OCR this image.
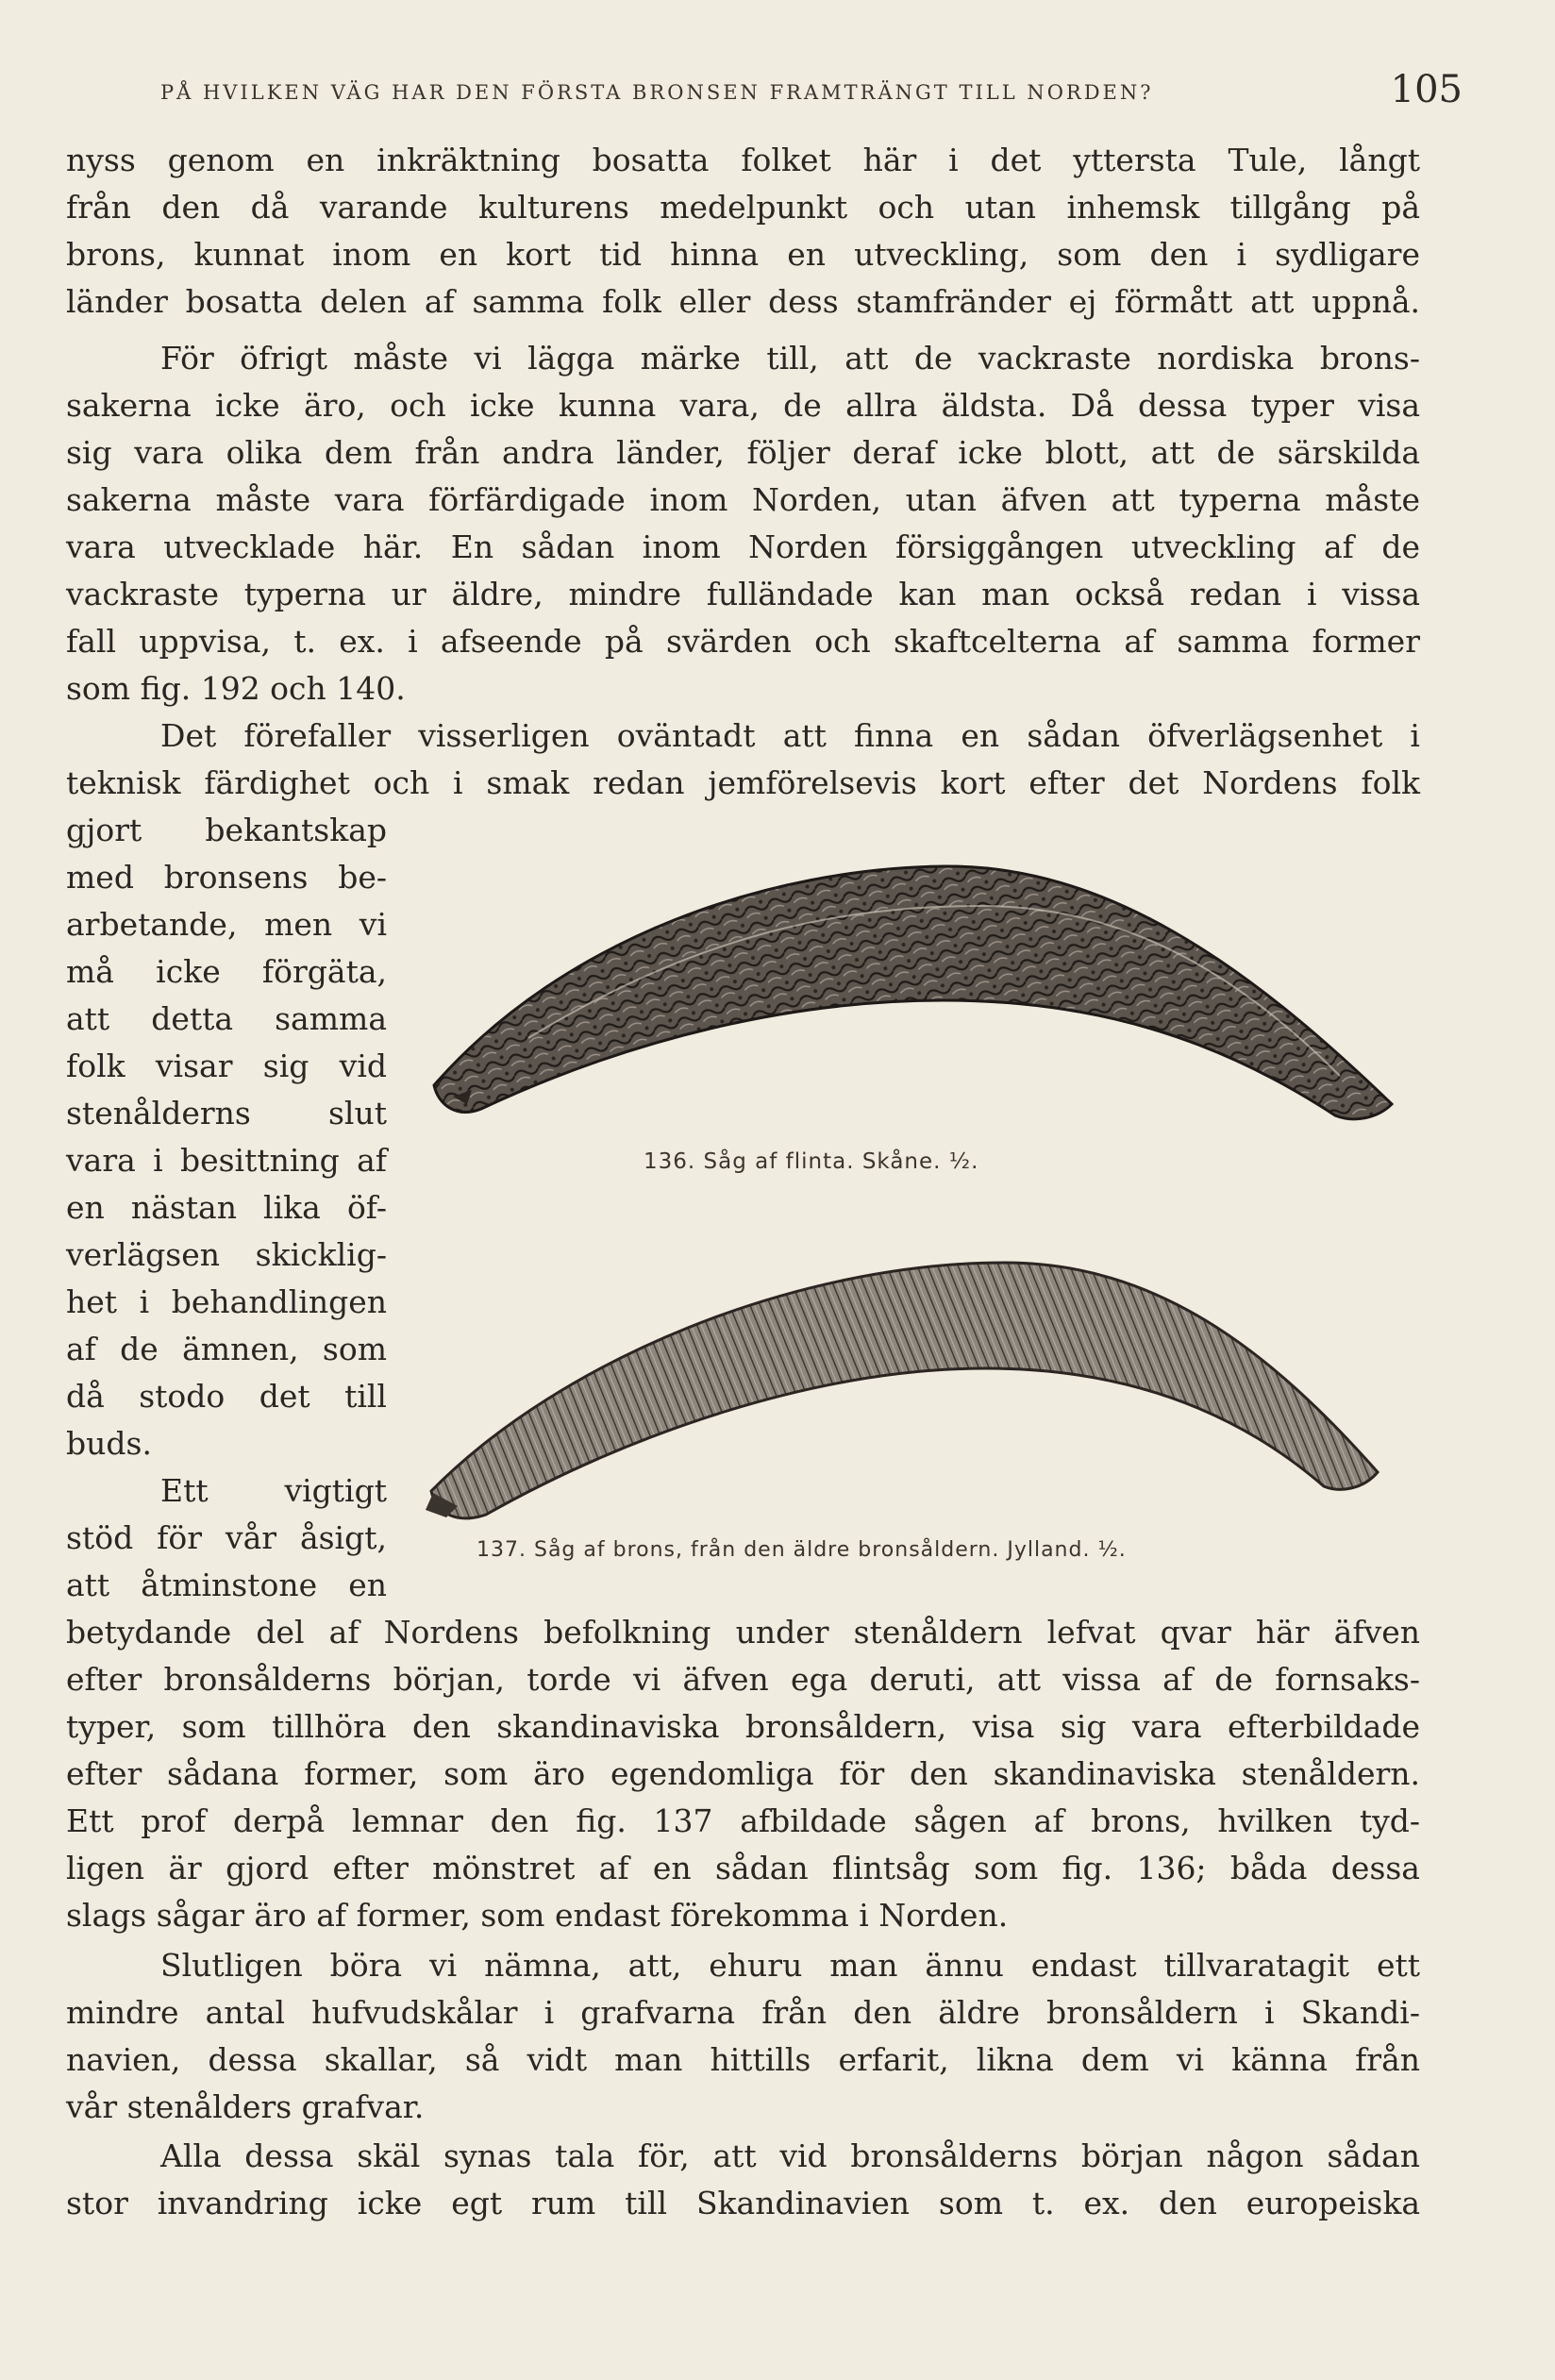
PÅ HVILKEN VÄG HAR DEN FÖRSTA BRONSEN FRAMTRÄNGT TILL NORDEN?	105
nyss genom en inkräktning bosatta folket här i det yttersta Tule, långt
från den då varande kulturens medelpunkt och utan inhemsk tillgång på
brons, kunnat inom en kort tid hinna en utveckling, som den i sydligare
länder bosatta delen af samma folk eller dess stamfränder ej förmått att uppnå.
För öfrigt måste vi lägga märke till, att de vackraste nordiska brons-
sakerna icke äro, och icke kunna vara, de allra äldsta. Då dessa typer visa
sig vara olika dem från andra länder, följer deraf icke blott, att de särskilda
sakerna måste vara förfärdigade inom Norden, utan äfven att typerna måste
vara utvecklade här. En sådan inom Norden försiggången utveckling af de
vackraste typerna ur äldre, mindre fulländade kan man också redan i vissa
fall uppvisa, t. ex. i afseende på svärden och skaftcelterna af samma former
som fig. 192 och 140.
Det förefaller visserligen oväntadt att finna en sådan öfverlägsenhet i
teknisk färdighet och i smak redan jemförelsevis kort efter det Nordens folk
gjort bekantskap
med bronsens be-
arbetande, men vi
må icke förgäta,
att detta samma
folk visar sig vid
stenålderns slut
vara i besittning af
en nästan lika öf-
verlägsen skicklig-
het i behandlingen
af de ämnen, som
då stodo det till
buds.
Ett vigtigt
stöd för vår åsigt,
att åtminstone en
betydande del af Nordens befolkning under stenåldern lefvat qvar här äfven
efter bronsålderns början, torde vi äfven ega deruti, att vissa af de fornsaks-
typer, som tillhöra den skandinaviska bronsåldern, visa sig vara efterbildade
efter sådana former, som äro egendomliga för den skandinaviska stenåldern.
Ett prof derpå lemnar den fig. 137 afbildade sågen af brons, hvilken tyd-
ligen är gjord efter mönstret af en sådan flintsåg som fig. 136; båda dessa
slags sågar äro af former, som endast förekomma i Norden.
Slutligen böra vi nämna, att, ehuru man ännu endast tillvaratagit ett
mindre antal hufvudskålar i grafvarna från den äldre bronsåldern i Skandi-
navien, dessa skallar, så vidt man hittills erfarit, likna dem vi känna från
vår stenålders grafvar.
Alla dessa skäl synas tala för, att vid bronsålderns början någon sådan
stor invandring icke egt rum till Skandinavien som t. ex. den europeiska
136. Såg af flinta. Skåne. ½.
137. Såg af brons, från den äldre bronsåldern. Jylland. ½.
